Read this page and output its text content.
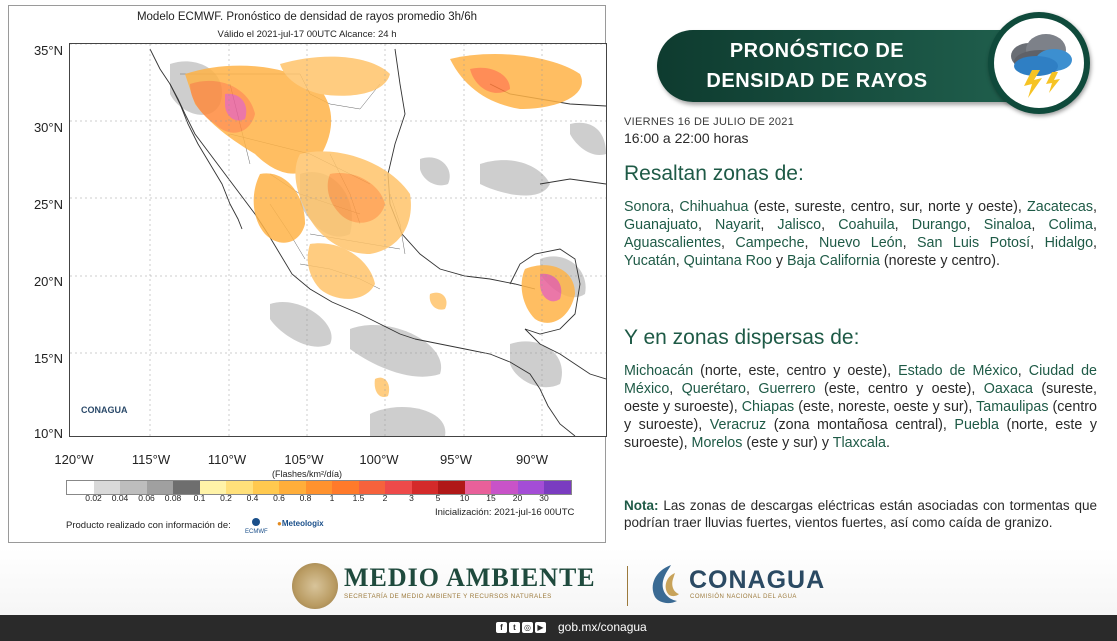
Modelo ECMWF. Pronóstico de densidad de rayos promedio 3h/6h
Válido el 2021-jul-17 00UTC Alcance: 24 h
CONAGUA
35°N
30°N
25°N
20°N
15°N
10°N
120°W	115°W	110°W	105°W	100°W	95°W	90°W
(Flashes/km²/día)
0.02 0.04 0.06 0.08 0.1 0.2 0.4 0.6 0.8 1 1.5 2	3	5 10 15 20 30
Inicialización: 2021-jul-16 00UTC
Producto realizado con información de:

ECMWF
●Meteologix
PRONÓSTICO DE
DENSIDAD DE RAYOS
VIERNES 16 DE JULIO DE 2021
16:00 a 22:00 horas
Resaltan zonas de:
Sonora, Chihuahua (este, sureste, centro, sur, norte y oeste), Zacatecas, Guanajuato, Nayarit, Jalisco, Coahuila, Durango, Sinaloa, Colima, Aguascalientes, Campeche, Nuevo León, San Luis Potosí, Hidalgo, Yucatán, Quintana Roo y Baja California (noreste y centro).
Y en zonas dispersas de:
Michoacán (norte, este, centro y oeste), Estado de México, Ciudad de México, Querétaro, Guerrero (este, centro y oeste), Oaxaca (sureste, oeste y suroeste), Chiapas (este, noreste, oeste y sur), Tamaulipas (centro y suroeste), Veracruz (zona montañosa central), Puebla (norte, este y suroeste), Morelos (este y sur) y Tlaxcala.
Nota: Las zonas de descargas eléctricas están asociadas con tormentas que podrían traer lluvias fuertes, vientos fuertes, así como caída de granizo.
MEDIO AMBIENTE
SECRETARÍA DE MEDIO AMBIENTE Y RECURSOS NATURALES
CONAGUA
COMISIÓN NACIONAL DEL AGUA
f	t	◎ ▶ gob.mx/conagua
